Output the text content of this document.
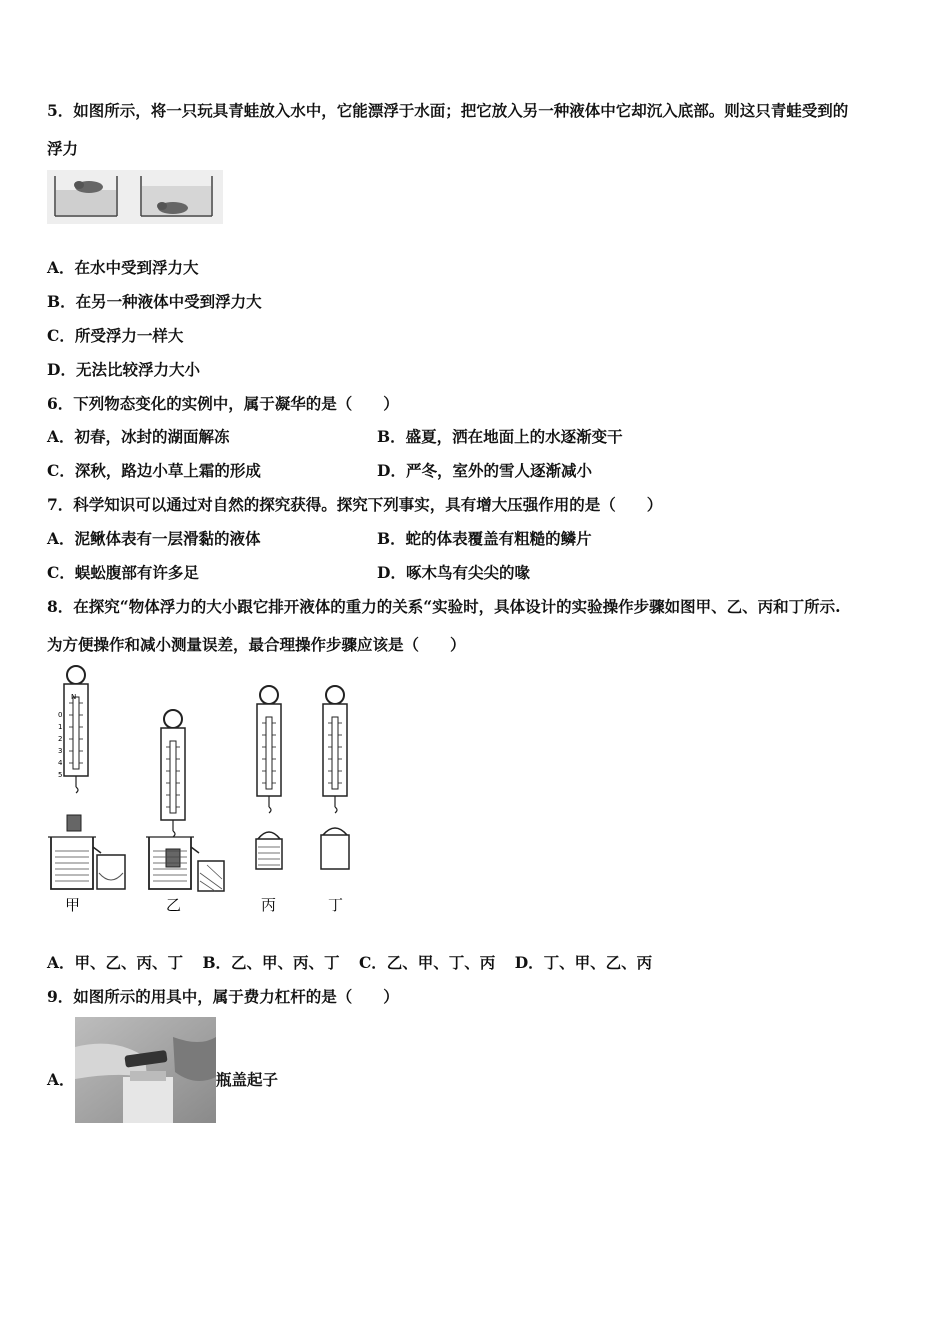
5．如图所示，将一只玩具青蛙放入水中，它能漂浮于水面；把它放入另一种液体中它却沉入底部。则这只青蛙受到的
浮力
A．在水中受到浮力大
B．在另一种液体中受到浮力大
C．所受浮力一样大
D．无法比较浮力大小
6．下列物态变化的实例中，属于凝华的是（　　）
A．初春，冰封的湖面解冻	B．盛夏，洒在地面上的水逐渐变干
C．深秋，路边小草上霜的形成	D．严冬，室外的雪人逐渐减小
7．科学知识可以通过对自然的探究获得。探究下列事实，具有增大压强作用的是（　　）
A．泥鳅体表有一层滑黏的液体	B．蛇的体表覆盖有粗糙的鳞片
C．蜈蚣腹部有许多足	D．啄木鸟有尖尖的喙
8．在探究“物体浮力的大小跟它排开液体的重力的关系“实验时，具体设计的实验操作步骤如图甲、乙、丙和丁所示.
为方便操作和减小测量误差，最合理操作步骤应该是（　　）
N
0
1
2
3
4
5
甲	乙	丙	丁
A．甲、乙、丙、丁 B．乙、甲、丙、丁 C．乙、甲、丁、丙 D．丁、甲、乙、丙
9．如图所示的用具中，属于费力杠杆的是（　　）
A．	瓶盖起子
